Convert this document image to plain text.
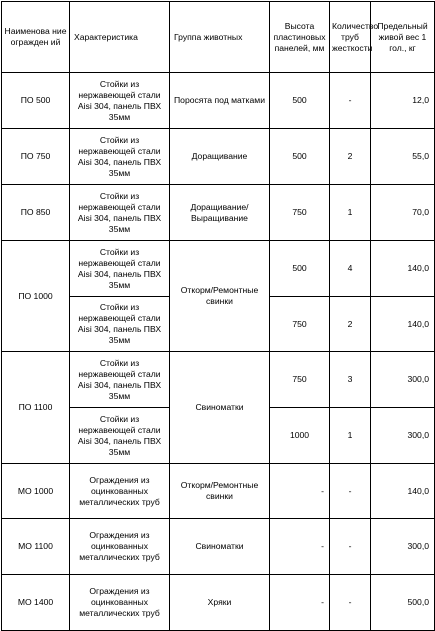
Наименова ние огражден ий	Характеристика	Группа животных	Высота пластиновых панелей, мм	Количество труб жесткости	Предельный живой вес 1 гол., кг
ПО 500	Стойки из нержавеющей стали Aisi 304, панель ПВХ 35мм	Поросята под матками	500	-	12,0
ПО 750	Стойки из нержавеющей стали Aisi 304, панель ПВХ 35мм	Доращивание	500	2	55,0
ПО 850	Стойки из нержавеющей стали Aisi 304, панель ПВХ 35мм	Доращивание/Выращивание	750	1	70,0
ПО 1000	Стойки из нержавеющей стали Aisi 304, панель ПВХ 35мм	Откорм/Ремонтные свинки	500	4	140,0
	Стойки из нержавеющей стали Aisi 304, панель ПВХ 35мм		750	2	140,0
ПО 1100	Стойки из нержавеющей стали Aisi 304, панель ПВХ 35мм	Свиноматки	750	3	300,0
	Стойки из нержавеющей стали Aisi 304, панель ПВХ 35мм		1000	1	300,0
МО 1000	Ограждения из оцинкованных металлических труб	Откорм/Ремонтные свинки	-	-	140,0
МО 1100	Ограждения из оцинкованных металлических труб	Свиноматки	-	-	300,0
МО 1400	Ограждения из оцинкованных металлических труб	Хряки	-	-	500,0
